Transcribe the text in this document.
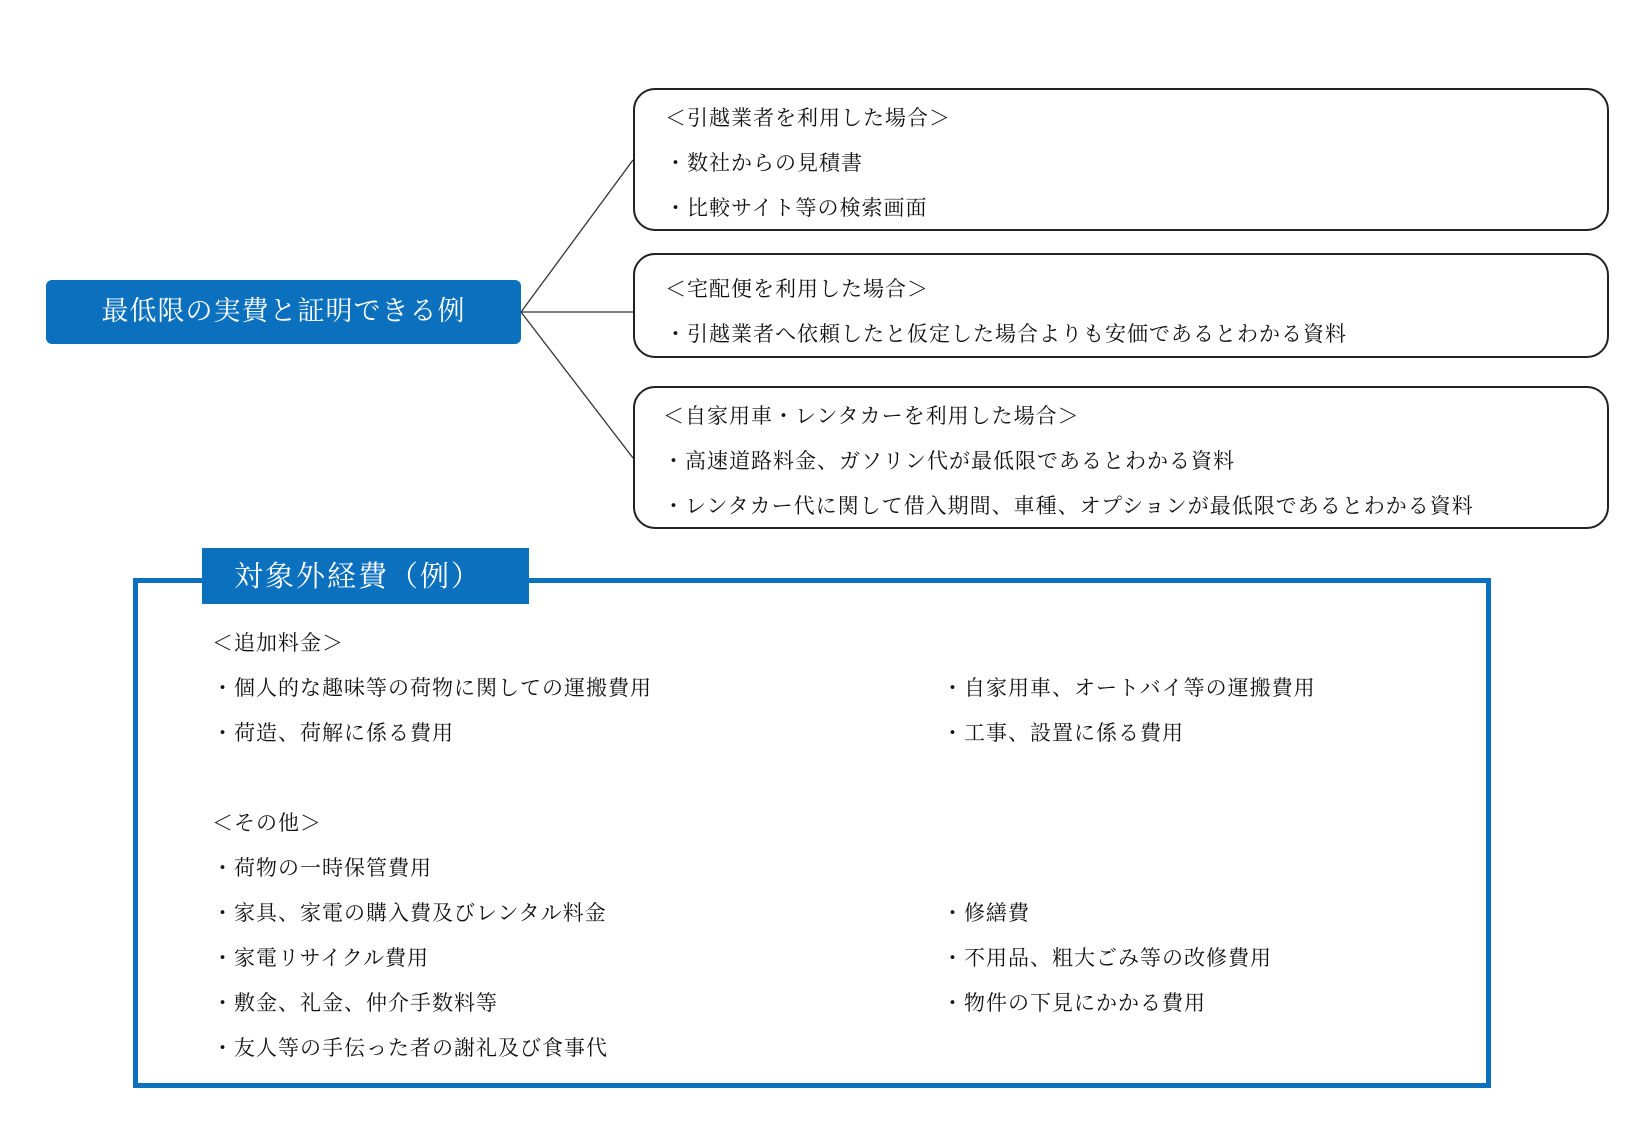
最低限の実費と証明できる例
＜引越業者を利用した場合＞
・数社からの見積書
・比較サイト等の検索画面
＜宅配便を利用した場合＞
・引越業者へ依頼したと仮定した場合よりも安価であるとわかる資料
＜自家用車・レンタカーを利用した場合＞
・高速道路料金、ガソリン代が最低限であるとわかる資料
・レンタカー代に関して借入期間、車種、オプションが最低限であるとわかる資料
対象外経費（例）
＜追加料金＞
・個人的な趣味等の荷物に関しての運搬費用
・荷造、荷解に係る費用
・自家用車、オートバイ等の運搬費用
・工事、設置に係る費用
＜その他＞
・荷物の一時保管費用
・家具、家電の購入費及びレンタル料金
・家電リサイクル費用
・敷金、礼金、仲介手数料等
・友人等の手伝った者の謝礼及び食事代
・修繕費
・不用品、粗大ごみ等の改修費用
・物件の下見にかかる費用
